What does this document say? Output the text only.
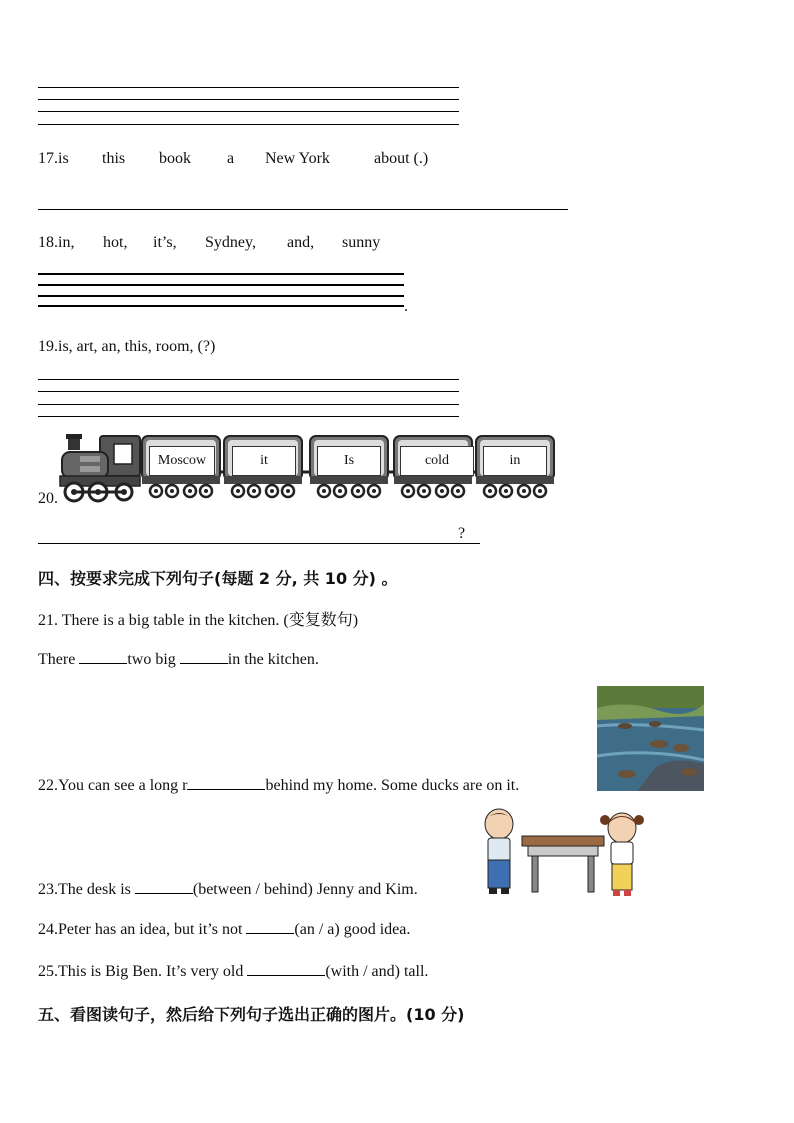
17. is this book a New York	about (.)
18. in, hot, it’s, Sydney, and, sunny
.
19.is, art, an, this, room, (?)
20.
Moscow	it	Is	cold	in
?
四、按要求完成下列句子(每题 2 分, 共 10 分) 。
21. There is a big table in the kitchen. (变复数句)
There	two big	in the kitchen.
22.You can see a long r	behind my home. Some ducks are on it.
23.The desk is	(between / behind) Jenny and Kim.
24.Peter has an idea, but it’s not	(an / a) good idea.
25.This is Big Ben. It’s very old	(with / and) tall.
五、看图读句子，然后给下列句子选出正确的图片。(10 分)
